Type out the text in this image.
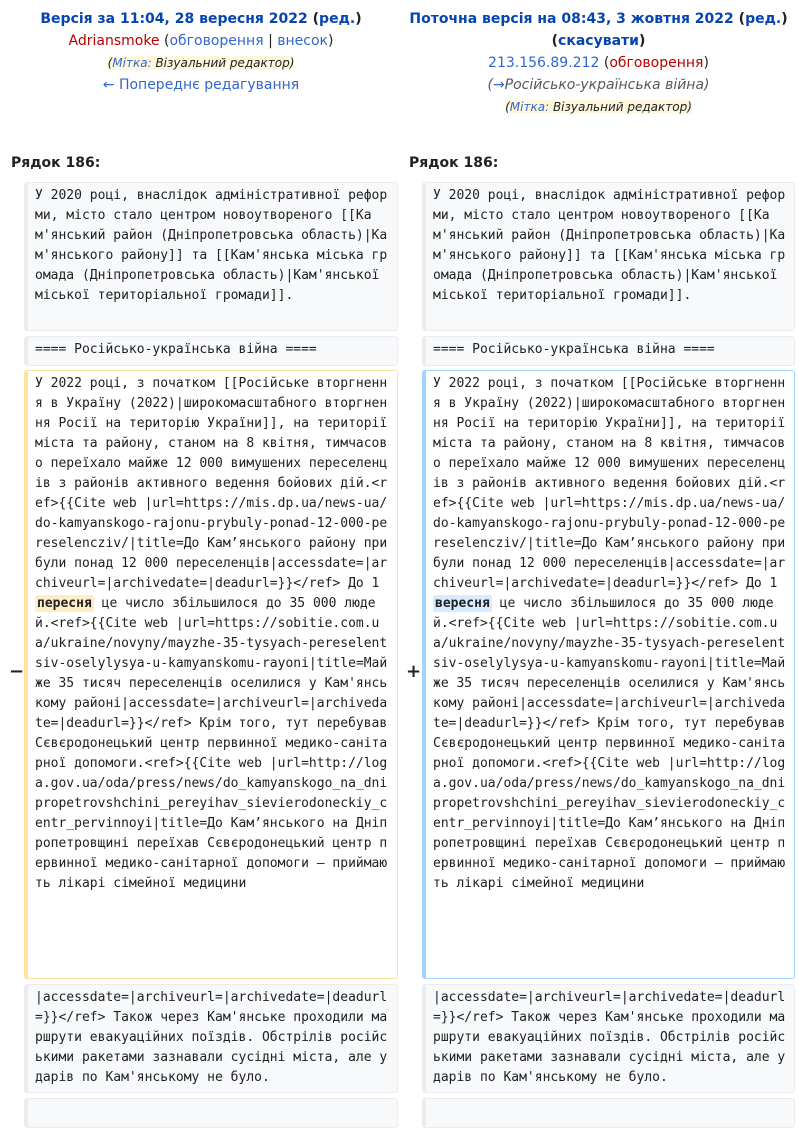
Версія за 11:04, 28 вересня 2022 (ред.)
Adriansmoke (обговорення | внесок)
(Мітка: Візуальний редактор)
← Попереднє редагування
Поточна версія на 08:43, 3 жовтня 2022 (ред.)
(скасувати)
213.156.89.212 (обговорення)
(→Російсько-українська війна)
(Мітка: Візуальний редактор)
Рядок 186:	Рядок 186:
У 2020 році, внаслідок адміністративної реформи, місто стало центром новоутвореного [[Кам'янський район (Дніпропетровська область)|Кам'янського району]] та [[Кам'янська міська громада (Дніпропетровська область)|Кам'янської міської територіальної громади]].
У 2020 році, внаслідок адміністративної реформи, місто стало центром новоутвореного [[Кам'янський район (Дніпропетровська область)|Кам'янського району]] та [[Кам'янська міська громада (Дніпропетровська область)|Кам'янської міської територіальної громади]].
==== Російсько-українська війна ====	==== Російсько-українська війна ====
−
У 2022 році, з початком [[Російське вторгнення в Україну (2022)|широкомасштабного вторгнення Росії на територію України]], на території міста та району, станом на 8 квітня, тимчасово переїхало майже 12 000 вимушених переселенців з районів активного ведення бойових дій.<ref>{{Cite web |url=https://mis.dp.ua/news-ua/do-kamyanskogo-rajonu-prybuly-ponad-12-000-pereselencziv/|title=До Кам’янського району прибули понад 12 000 переселенців|accessdate=|archiveurl=|archivedate=|deadurl=}}</ref> До 1 пересня це число збільшилося до 35 000 людей.<ref>{{Cite web |url=https://sobitie.com.ua/ukraine/novyny/mayzhe-35-tysyach-pereselentsiv-oselylysya-u-kamyanskomu-rayoni|title=Майже 35 тисяч переселенців оселилися у Кам'янському районі|accessdate=|archiveurl=|archivedate=|deadurl=}}</ref> Крім того, тут перебував Сєвєродонецький центр первинної медико-санітарної допомоги.<ref>{{Cite web |url=http://loga.gov.ua/oda/press/news/do_kamyanskogo_na_dnipropetrovshchini_pereyihav_sievierodoneckiy_centr_pervinnoyi|title=До Кам’янського на Дніпропетровщині переїхав Сєвєродонецький центр первинної медико-санітарної допомоги — приймають лікарі сімейної медицини
+
У 2022 році, з початком [[Російське вторгнення в Україну (2022)|широкомасштабного вторгнення Росії на територію України]], на території міста та району, станом на 8 квітня, тимчасово переїхало майже 12 000 вимушених переселенців з районів активного ведення бойових дій.<ref>{{Cite web |url=https://mis.dp.ua/news-ua/do-kamyanskogo-rajonu-prybuly-ponad-12-000-pereselencziv/|title=До Кам’янського району прибули понад 12 000 переселенців|accessdate=|archiveurl=|archivedate=|deadurl=}}</ref> До 1 вересня це число збільшилося до 35 000 людей.<ref>{{Cite web |url=https://sobitie.com.ua/ukraine/novyny/mayzhe-35-tysyach-pereselentsiv-oselylysya-u-kamyanskomu-rayoni|title=Майже 35 тисяч переселенців оселилися у Кам'янському районі|accessdate=|archiveurl=|archivedate=|deadurl=}}</ref> Крім того, тут перебував Сєвєродонецький центр первинної медико-санітарної допомоги.<ref>{{Cite web |url=http://loga.gov.ua/oda/press/news/do_kamyanskogo_na_dnipropetrovshchini_pereyihav_sievierodoneckiy_centr_pervinnoyi|title=До Кам’янського на Дніпропетровщині переїхав Сєвєродонецький центр первинної медико-санітарної допомоги — приймають лікарі сімейної медицини
|accessdate=|archiveurl=|archivedate=|deadurl=}}</ref> Також через Кам'янське проходили маршрути евакуаційних поїздів. Обстрілів російськими ракетами зазнавали сусідні міста, але ударів по Кам'янському не було.
|accessdate=|archiveurl=|archivedate=|deadurl=}}</ref> Також через Кам'янське проходили маршрути евакуаційних поїздів. Обстрілів російськими ракетами зазнавали сусідні міста, але ударів по Кам'янському не було.
